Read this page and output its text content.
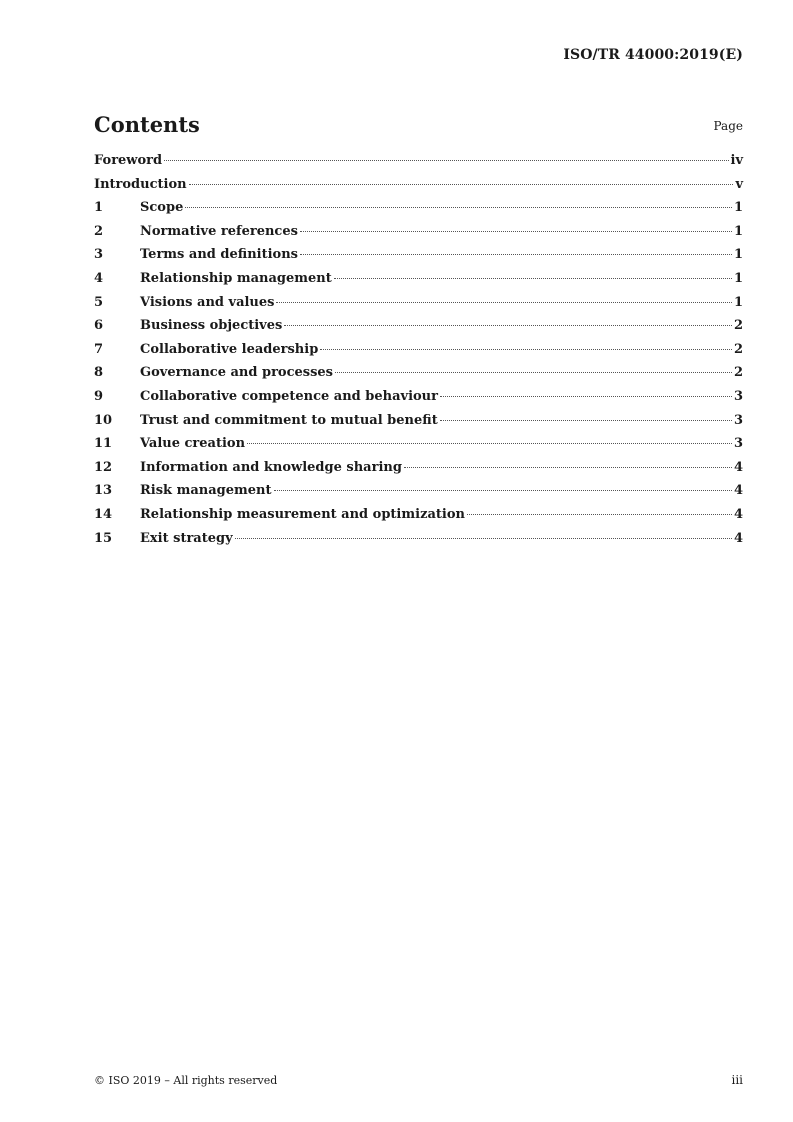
ISO/TR 44000:2019(E)
Contents	Page
Foreword	iv
Introduction	v
1	Scope	1
2	Normative references	1
3	Terms and definitions	1
4	Relationship management	1
5	Visions and values	1
6	Business objectives	2
7	Collaborative leadership	2
8	Governance and processes	2
9	Collaborative competence and behaviour	3
10	Trust and commitment to mutual benefit	3
11	Value creation	3
12	Information and knowledge sharing	4
13	Risk management	4
14	Relationship measurement and optimization	4
15	Exit strategy	4
© ISO 2019 – All rights reserved	iii
